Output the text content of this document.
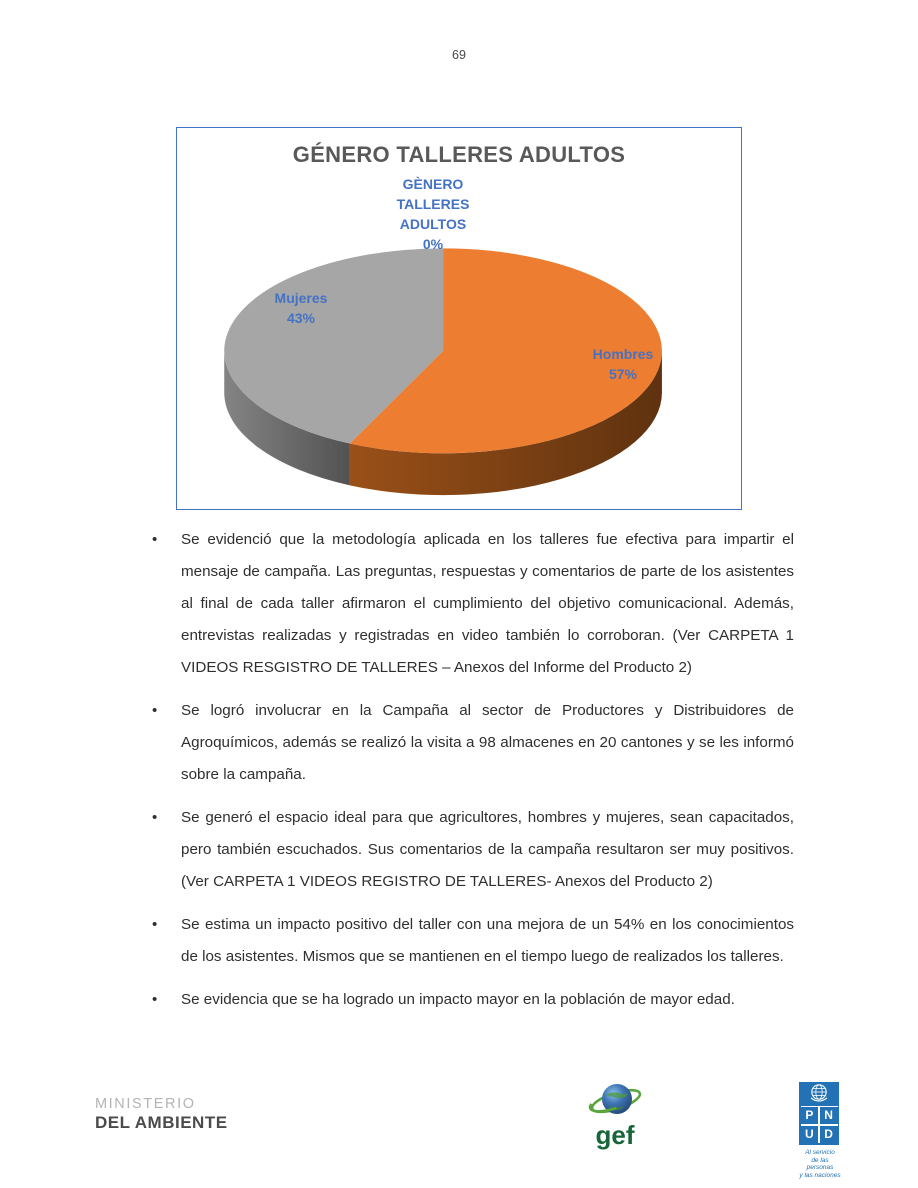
69
GÉNERO TALLERES ADULTOS
GÈNERO
TALLERES
ADULTOS
0%
Mujeres
43%
Hombres
57%
• Se evidenció que la metodología aplicada en los talleres fue efectiva para impartir el mensaje de campaña. Las preguntas, respuestas y comentarios de parte de los asistentes al final de cada taller afirmaron el cumplimiento del objetivo comunicacional. Además, entrevistas realizadas y registradas en video también lo corroboran. (Ver CARPETA 1 VIDEOS RESGISTRO DE TALLERES – Anexos del Informe del Producto 2)
• Se logró involucrar en la Campaña al sector de Productores y Distribuidores de Agroquímicos, además se realizó la visita a 98 almacenes en 20 cantones y se les informó sobre la campaña.
• Se generó el espacio ideal para que agricultores, hombres y mujeres, sean capacitados, pero también escuchados. Sus comentarios de la campaña resultaron ser muy positivos. (Ver CARPETA 1 VIDEOS REGISTRO DE TALLERES- Anexos del Producto 2)
• Se estima un impacto positivo del taller con una mejora de un 54% en los conocimientos de los asistentes. Mismos que se mantienen en el tiempo luego de realizados los talleres.
• Se evidencia que se ha logrado un impacto mayor en la población de mayor edad.
MINISTERIO
DEL AMBIENTE	gef
P N
U D
Al servicio
de las personas
y las naciones
